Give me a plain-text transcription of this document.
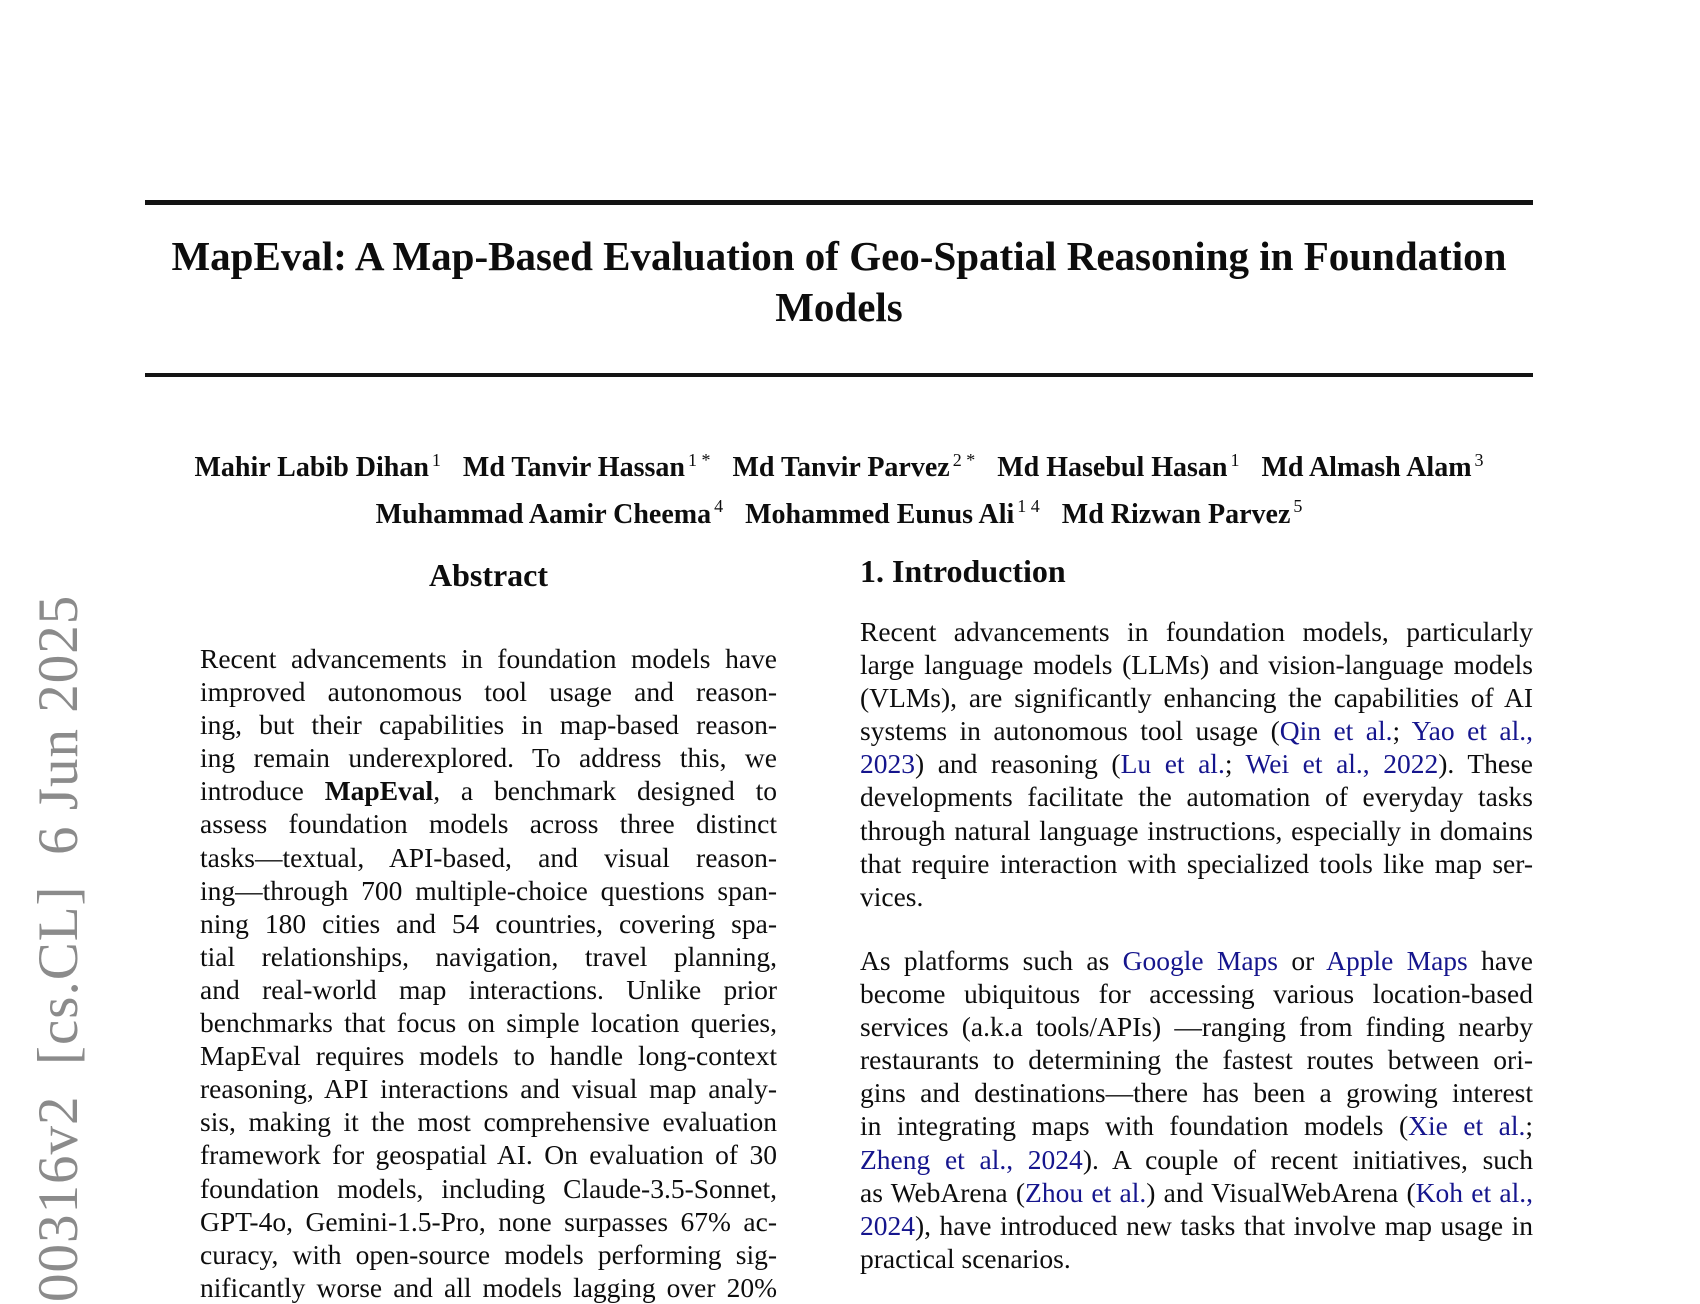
00316v2  [cs.CL]  6 Jun 2025
MapEval: A Map-Based Evaluation of Geo-Spatial Reasoning in Foundation
Models
Mahir Labib Dihan $^1$ Md Tanvir Hassan $^{1 *}$ Md Tanvir Parvez $^{2 *}$ Md Hasebul Hasan $^1$ Md Almash Alam $^3$
Muhammad Aamir Cheema $^4$ Mohammed Eunus Ali $^{1 4}$ Md Rizwan Parvez $^5$
Abstract
Recent advancements in foundation models have
improved autonomous tool usage and reason-
ing, but their capabilities in map-based reason-
ing remain underexplored. To address this, we
introduce MapEval, a benchmark designed to
assess foundation models across three distinct
tasks—textual, API-based, and visual reason-
ing—through 700 multiple-choice questions span-
ning 180 cities and 54 countries, covering spa-
tial relationships, navigation, travel planning,
and real-world map interactions. Unlike prior
benchmarks that focus on simple location queries,
MapEval requires models to handle long-context
reasoning, API interactions and visual map analy-
sis, making it the most comprehensive evaluation
framework for geospatial AI. On evaluation of 30
foundation models, including Claude-3.5-Sonnet,
GPT-4o, Gemini-1.5-Pro, none surpasses 67% ac-
curacy, with open-source models performing sig-
nificantly worse and all models lagging over 20%
1. Introduction
Recent advancements in foundation models, particularly
large language models (LLMs) and vision-language models
(VLMs), are significantly enhancing the capabilities of AI
systems in autonomous tool usage (Qin et al.; Yao et al.,
2023) and reasoning (Lu et al.; Wei et al., 2022). These
developments facilitate the automation of everyday tasks
through natural language instructions, especially in domains
that require interaction with specialized tools like map ser-
vices.
As platforms such as Google Maps or Apple Maps have
become ubiquitous for accessing various location-based
services (a.k.a tools/APIs) —ranging from finding nearby
restaurants to determining the fastest routes between ori-
gins and destinations—there has been a growing interest
in integrating maps with foundation models (Xie et al.;
Zheng et al., 2024). A couple of recent initiatives, such
as WebArena (Zhou et al.) and VisualWebArena (Koh et al.,
2024), have introduced new tasks that involve map usage in
practical scenarios.
